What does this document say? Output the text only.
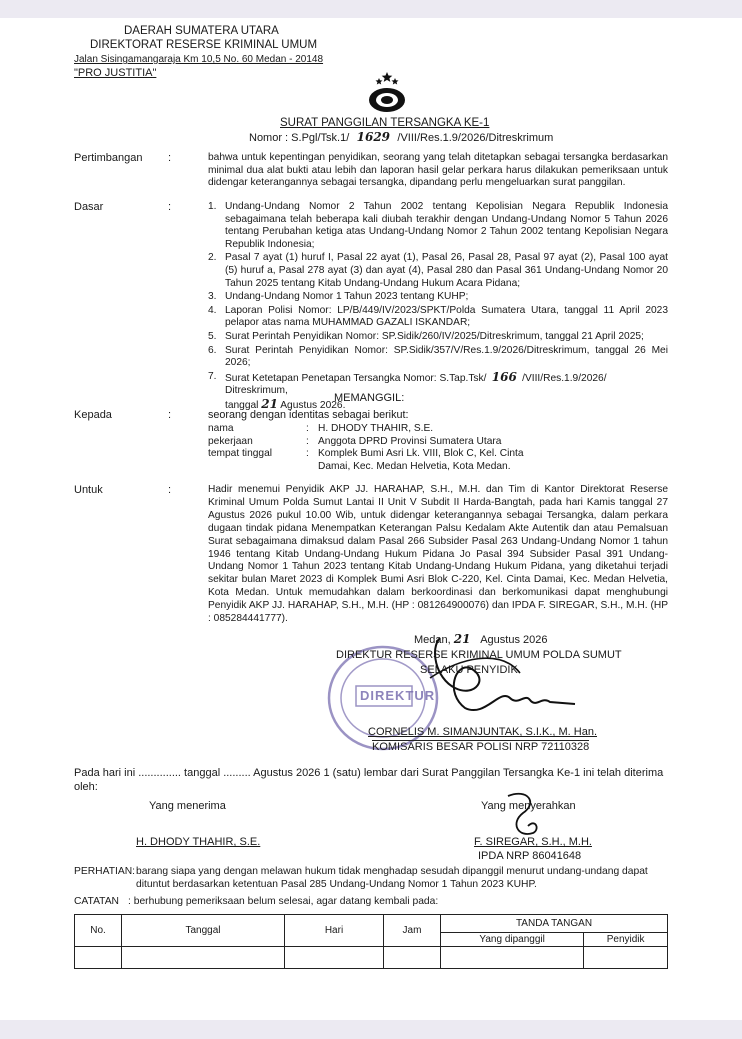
DAERAH SUMATERA UTARA
DIREKTORAT RESERSE KRIMINAL UMUM
Jalan Sisingamangaraja Km 10,5 No. 60 Medan - 20148
"PRO JUSTITIA"
SURAT PANGGILAN TERSANGKA KE-1
Nomor : S.Pgl/Tsk.1/ 1629 /VIII/Res.1.9/2026/Ditreskrimum
Pertimbangan :	bahwa untuk kepentingan penyidikan, seorang yang telah ditetapkan sebagai tersangka berdasarkan minimal dua alat bukti atau lebih dan laporan hasil gelar perkara harus dilakukan pemeriksaan untuk didengar keterangannya sebagai tersangka, dipandang perlu mengeluarkan surat panggilan.
Dasar	:	1. Undang-Undang Nomor 2 Tahun 2002 tentang Kepolisian Negara Republik Indonesia sebagaimana telah beberapa kali diubah terakhir dengan Undang-Undang Nomor 5 Tahun 2026 tentang Perubahan ketiga atas Undang-Undang Nomor 2 Tahun 2002 tentang Kepolisian Negara Republik Indonesia;
2. Pasal 7 ayat (1) huruf I, Pasal 22 ayat (1), Pasal 26, Pasal 28, Pasal 97 ayat (2), Pasal 100 ayat (5) huruf a, Pasal 278 ayat (3) dan ayat (4), Pasal 280 dan Pasal 361 Undang-Undang Nomor 20 Tahun 2025 tentang Kitab Undang-Undang Hukum Acara Pidana;
3. Undang-Undang Nomor 1 Tahun 2023 tentang KUHP;
4. Laporan Polisi Nomor: LP/B/449/IV/2023/SPKT/Polda Sumatera Utara, tanggal 11 April 2023 pelapor atas nama MUHAMMAD GAZALI ISKANDAR;
5. Surat Perintah Penyidikan Nomor: SP.Sidik/260/IV/2025/Ditreskrimum, tanggal 21 April 2025;
6. Surat Perintah Penyidikan Nomor: SP.Sidik/357/V/Res.1.9/2026/Ditreskrimum, tanggal 26 Mei 2026;
7. Surat Ketetapan Penetapan Tersangka Nomor: S.Tap.Tsk/ 166 /VIII/Res.1.9/2026/ Ditreskrimum,
tanggal 21 Agustus 2026.
MEMANGGIL:
Kepada	:	seorang dengan identitas sebagai berikut:
nama	: H. DHODY THAHIR, S.E.
pekerjaan	: Anggota DPRD Provinsi Sumatera Utara
tempat tinggal	: Komplek Bumi Asri Lk. VIII, Blok C, Kel. Cinta Damai, Kec. Medan Helvetia, Kota Medan.
Untuk	:	Hadir menemui Penyidik AKP JJ. HARAHAP, S.H., M.H. dan Tim di Kantor Direktorat Reserse Kriminal Umum Polda Sumut Lantai II Unit V Subdit II Harda-Bangtah, pada hari Kamis tanggal 27 Agustus 2026 pukul 10.00 Wib, untuk didengar keterangannya sebagai Tersangka, dalam perkara dugaan tindak pidana Menempatkan Keterangan Palsu Kedalam Akte Autentik dan atau Pemalsuan Surat sebagaimana dimaksud dalam Pasal 266 Subsider Pasal 263 Undang-Undang Nomor 1 tahun 1946 tentang Kitab Undang-Undang Hukum Pidana Jo Pasal 394 Subsider Pasal 391 Undang-Undang Nomor 1 Tahun 2023 tentang Kitab Undang-Undang Hukum Pidana, yang diketahui terjadi sekitar bulan Maret 2023 di Komplek Bumi Asri Blok C-220, Kel. Cinta Damai, Kec. Medan Helvetia, Kota Medan. Untuk memudahkan dalam berkoordinasi dan berkomunikasi dapat menghubungi Penyidik AKP JJ. HARAHAP, S.H., M.H. (HP : 081264900076) dan IPDA F. SIREGAR, S.H., M.H. (HP : 085284441777).
DIREKTUR
Medan, 21 Agustus 2026
DIREKTUR RESERSE KRIMINAL UMUM POLDA SUMUT
SELAKU PENYIDIK
CORNELIS M. SIMANJUNTAK, S.I.K., M. Han.
KOMISARIS BESAR POLISI NRP 72110328
Pada hari ini .............. tanggal ......... Agustus 2026 1 (satu) lembar dari Surat Panggilan Tersangka Ke-1 ini telah diterima oleh:
Yang menerima	Yang menyerahkan
H. DHODY THAHIR, S.E.	F. SIREGAR, S.H., M.H.
IPDA NRP 86041648
PERHATIAN: barang siapa yang dengan melawan hukum tidak menghadap sesudah dipanggil menurut undang-undang dapat dituntut berdasarkan ketentuan Pasal 285 Undang-Undang Nomor 1 Tahun 2023 KUHP.
CATATAN : berhubung pemeriksaan belum selesai, agar datang kembali pada:
No.	Tanggal	Hari	Jam	TANDA TANGAN	
				Yang dipanggil	Penyidik
